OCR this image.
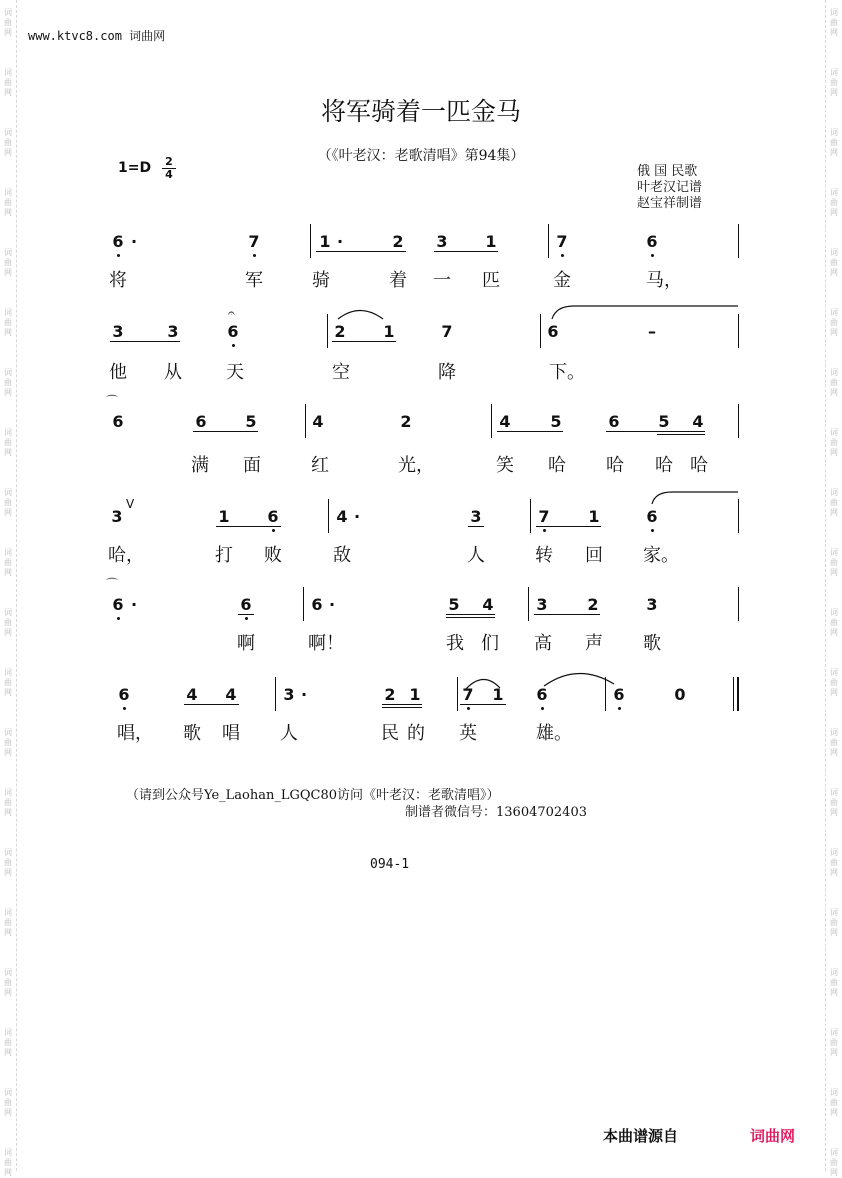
词
曲
网
词
曲
网
词
曲
网
词
曲
网
词
曲
网
词
曲
网
词
曲
网
词
曲
网
词
曲
网
词
曲
网
词
曲
网
词
曲
网
词
曲
网
词
曲
网
词
曲
网
词
曲
网
词
曲
网
词
曲
网
词
曲
网
词
曲
网
词
曲
网
词
曲
网
词
曲
网
词
曲
网
词
曲
网
词
曲
网
词
曲
网
词
曲
网
词
曲
网
词
曲
网
词
曲
网
词
曲
网
词
曲
网
词
曲
网
词
曲
网
词
曲
网
词
曲
网
词
曲
网
词
曲
网
词
曲
网
www.ktvc8.com 词曲网
将军骑着一匹金马
（《叶老汉：老歌清唱》第94集）
1=D 2
4	俄 国 民歌
叶老汉记谱
赵宝祥制谱
6 ·	7	1 ·	2	3	1	7	6
将	军	骑	着 一 匹	金	马，
3	3
𝄐
6	2	1	7	6	–
他 从 天	空	降	下。
⌒
6	6	5	4	2	4	5	6	5	4
满 面	红	光，	笑 哈 哈 哈 哈
3
V
1	6	4 ·	3	7	1	6
哈，	打 败	敌	人	转 回 家。
⌒
6 ·	6	6 ·	5	4	3	2	3
啊	啊！	我 们 高 声 歌
6	4	4	3 ·	2 1	7	1	6	6	0
唱， 歌 唱 人	民 的 英	雄。
（请到公众号Ye_Laohan_LGQC80访问《叶老汉：老歌清唱》）
制谱者微信号：13604702403
094-1
本曲谱源自	词曲网
